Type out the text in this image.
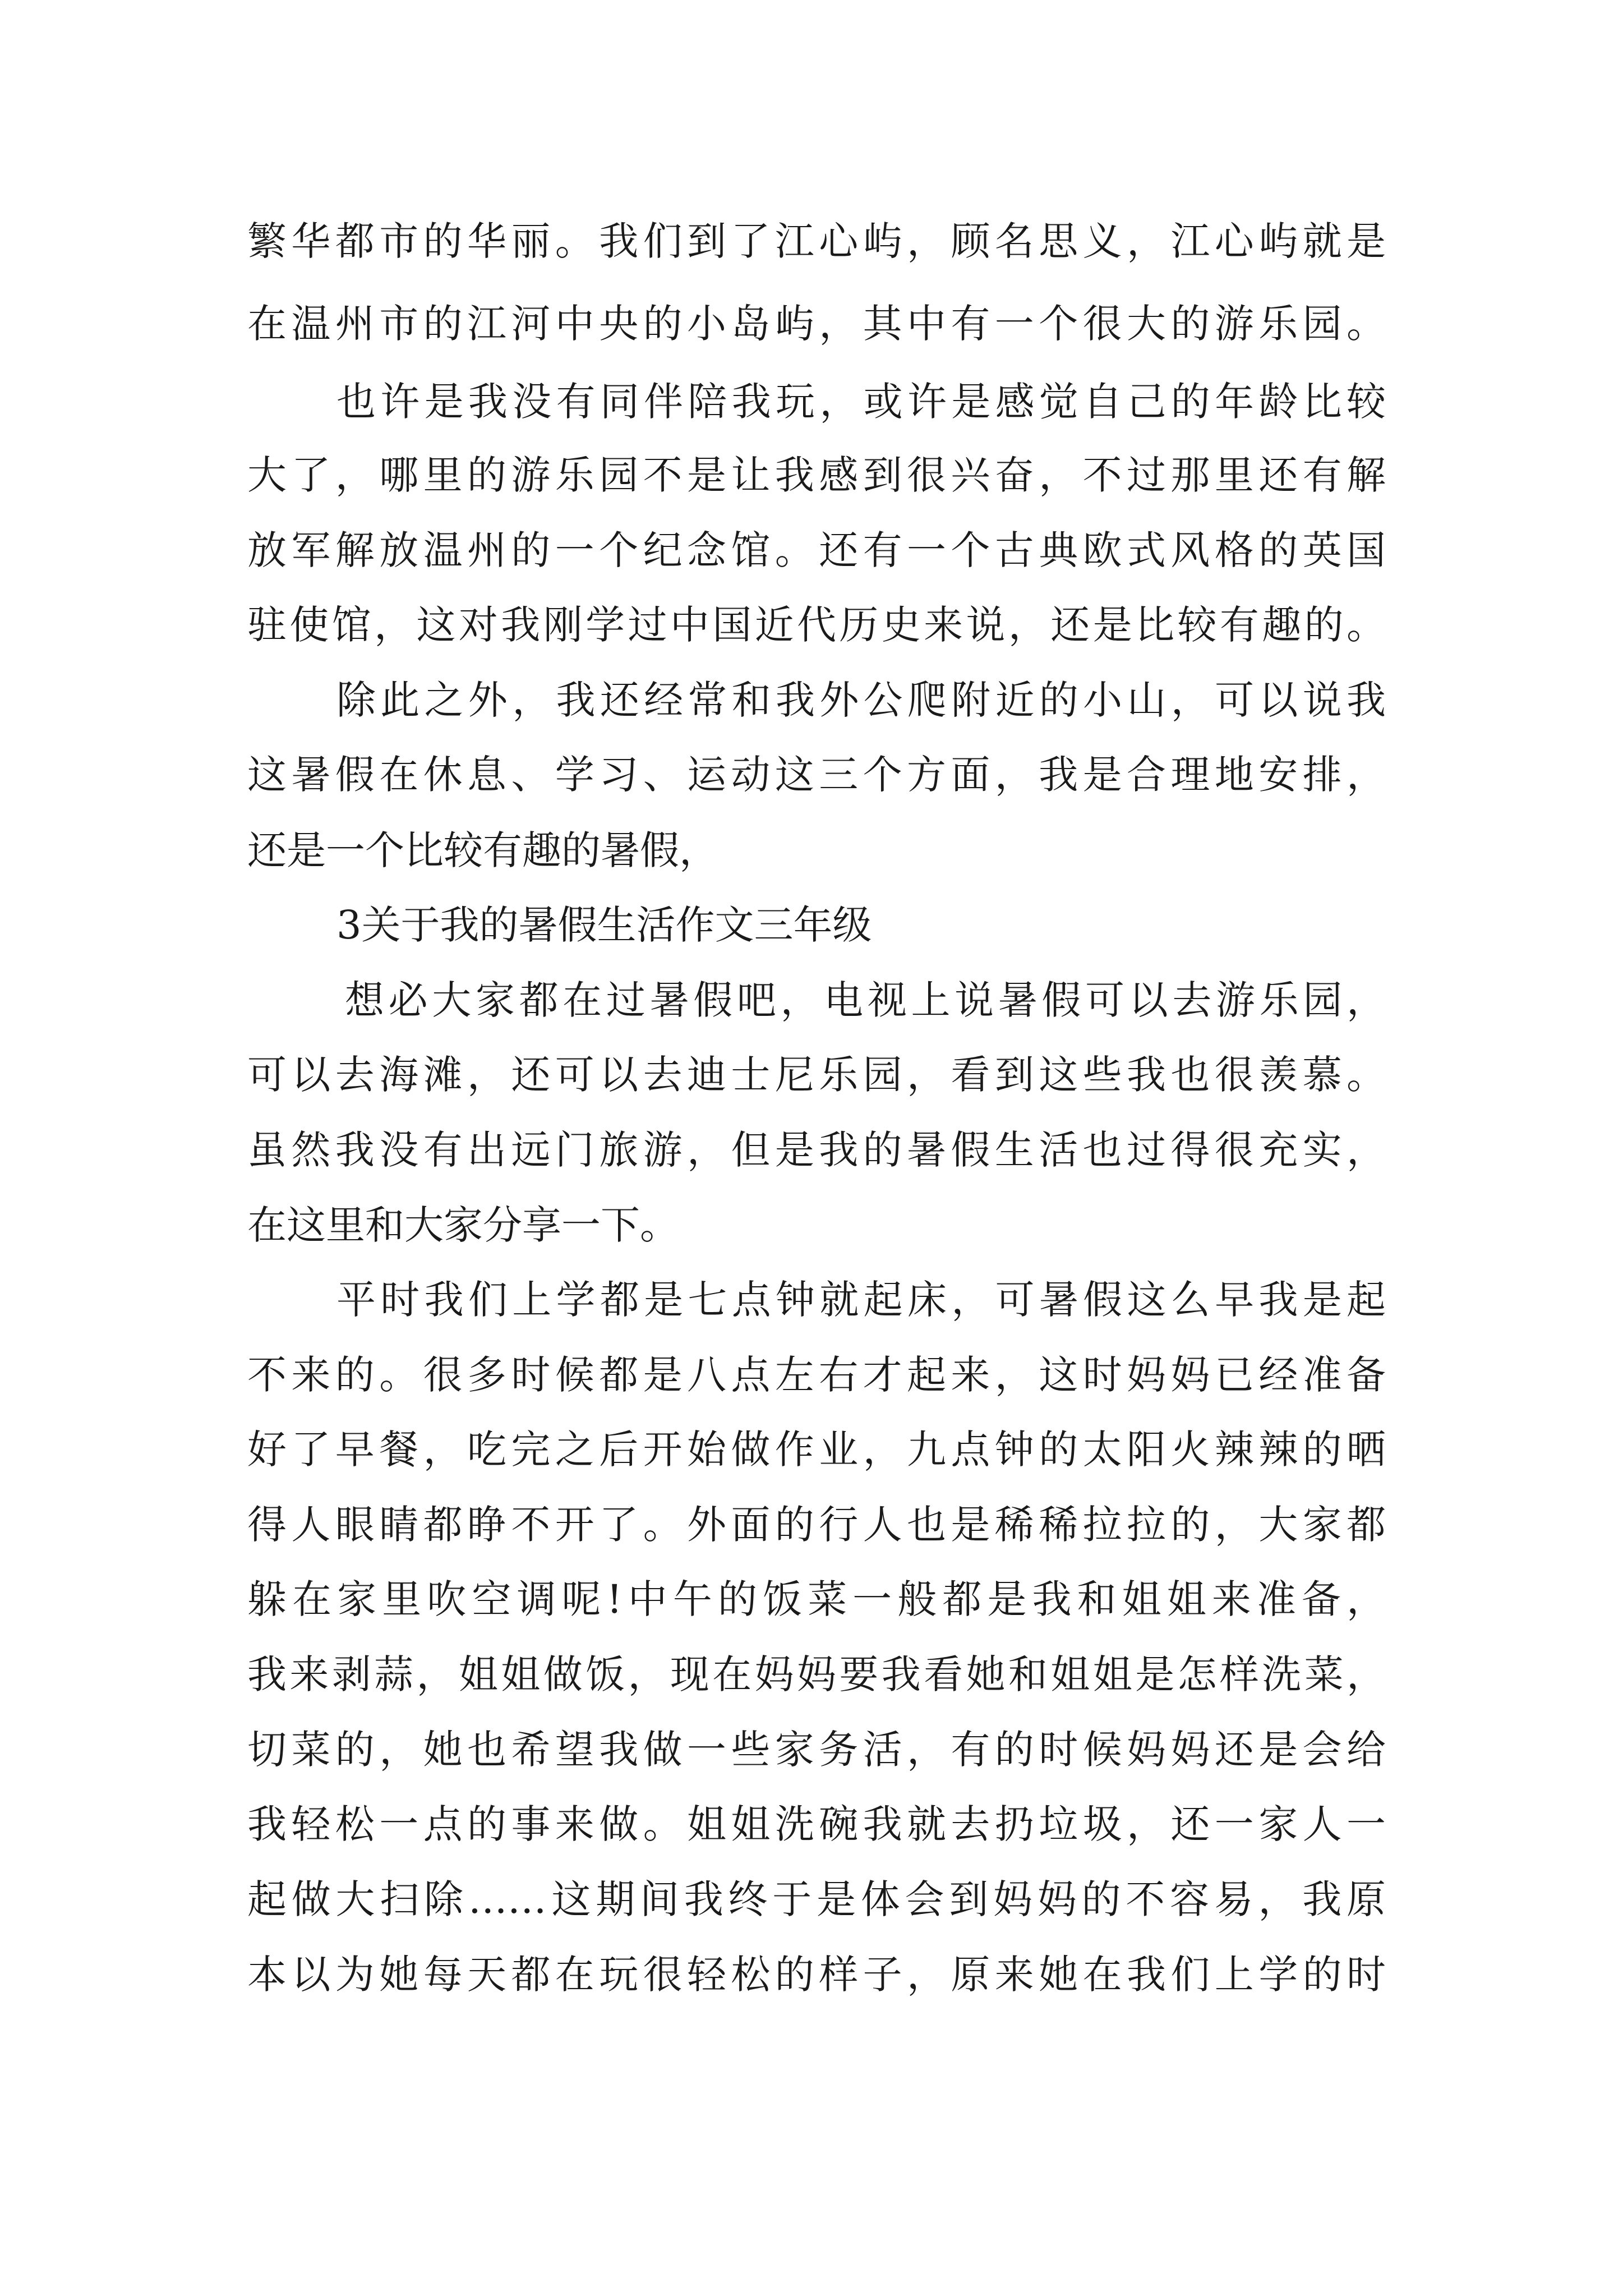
繁华都市的华丽。我们到了江心屿，顾名思义，江心屿就是
在温州市的江河中央的小岛屿，其中有一个很大的游乐园。
也许是我没有同伴陪我玩，或许是感觉自己的年龄比较
大了，哪里的游乐园不是让我感到很兴奋，不过那里还有解
放军解放温州的一个纪念馆。还有一个古典欧式风格的英国
驻使馆，这对我刚学过中国近代历史来说，还是比较有趣的。
除此之外，我还经常和我外公爬附近的小山，可以说我
这暑假在休息、学习、运动这三个方面，我是合理地安排，
还是一个比较有趣的暑假，
3关于我的暑假生活作文三年级
想必大家都在过暑假吧，电视上说暑假可以去游乐园，
可以去海滩，还可以去迪士尼乐园，看到这些我也很羡慕。
虽然我没有出远门旅游，但是我的暑假生活也过得很充实，
在这里和大家分享一下。
平时我们上学都是七点钟就起床，可暑假这么早我是起
不来的。很多时候都是八点左右才起来，这时妈妈已经准备
好了早餐，吃完之后开始做作业，九点钟的太阳火辣辣的晒
得人眼睛都睁不开了。外面的行人也是稀稀拉拉的，大家都
躲在家里吹空调呢!中午的饭菜一般都是我和姐姐来准备，
我来剥蒜，姐姐做饭，现在妈妈要我看她和姐姐是怎样洗菜，
切菜的，她也希望我做一些家务活，有的时候妈妈还是会给
我轻松一点的事来做。姐姐洗碗我就去扔垃圾，还一家人一
起做大扫除……这期间我终于是体会到妈妈的不容易，我原
本以为她每天都在玩很轻松的样子，原来她在我们上学的时
